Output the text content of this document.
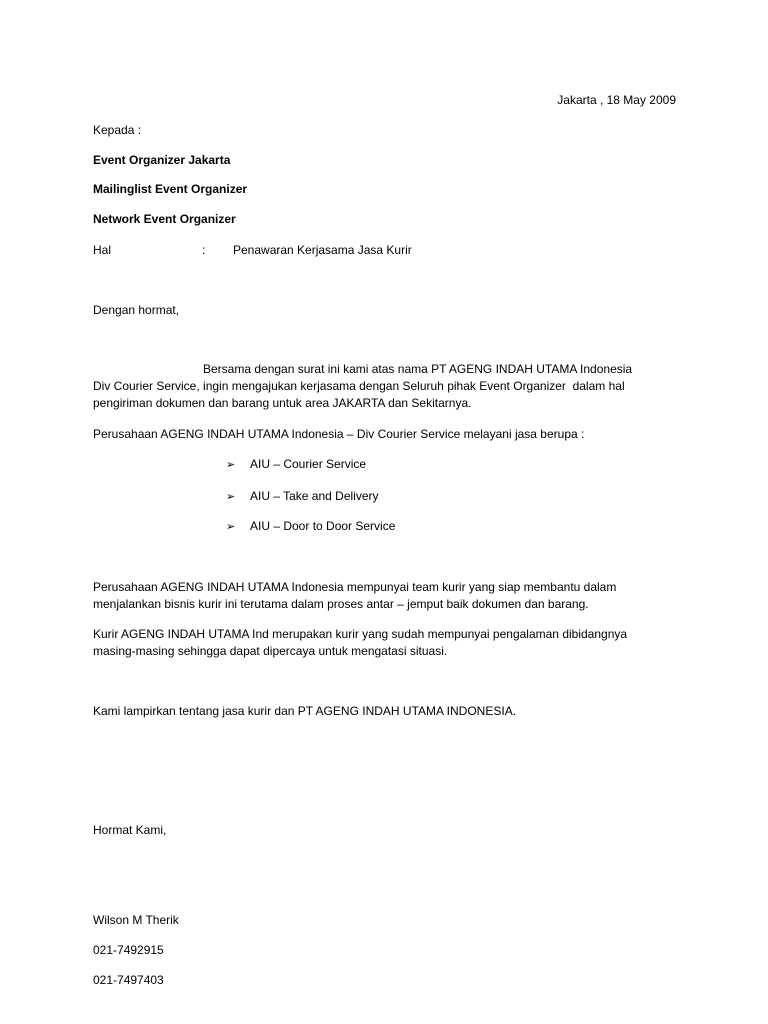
Jakarta , 18 May 2009
Kepada :
Event Organizer Jakarta
Mailinglist Event Organizer
Network Event Organizer
Hal	: Penawaran Kerjasama Jasa Kurir
Dengan hormat,
Bersama dengan surat ini kami atas nama PT AGENG INDAH UTAMA Indonesia
Div Courier Service, ingin mengajukan kerjasama dengan Seluruh pihak Event Organizer  dalam hal
pengiriman dokumen dan barang untuk area JAKARTA dan Sekitarnya.
Perusahaan AGENG INDAH UTAMA Indonesia – Div Courier Service melayani jasa berupa :
➢ AIU – Courier Service
➢ AIU – Take and Delivery
➢ AIU – Door to Door Service
Perusahaan AGENG INDAH UTAMA Indonesia mempunyai team kurir yang siap membantu dalam
menjalankan bisnis kurir ini terutama dalam proses antar – jemput baik dokumen dan barang.
Kurir AGENG INDAH UTAMA Ind merupakan kurir yang sudah mempunyai pengalaman dibidangnya
masing-masing sehingga dapat dipercaya untuk mengatasi situasi.
Kami lampirkan tentang jasa kurir dan PT AGENG INDAH UTAMA INDONESIA.
Hormat Kami,
Wilson M Therik
021-7492915
021-7497403
